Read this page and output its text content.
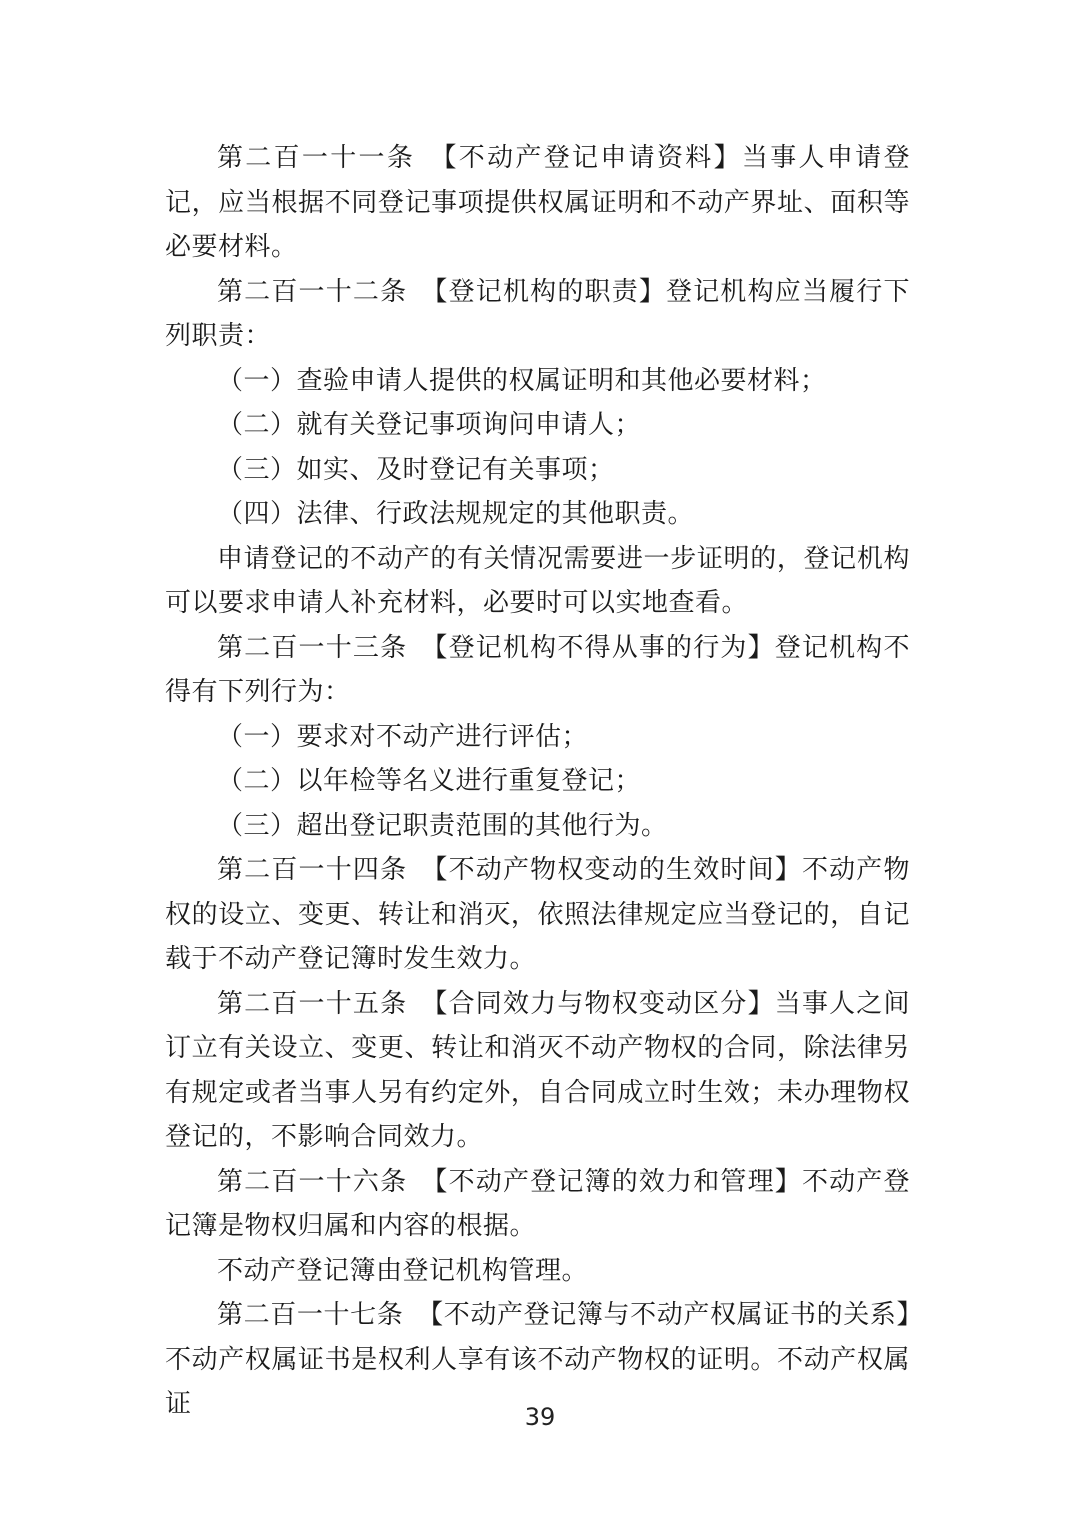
第二百一十一条　【不动产登记申请资料】当事人申请登记，应当根据不同登记事项提供权属证明和不动产界址、面积等必要材料。

第二百一十二条　【登记机构的职责】登记机构应当履行下列职责：

（一）查验申请人提供的权属证明和其他必要材料；

（二）就有关登记事项询问申请人；

（三）如实、及时登记有关事项；

（四）法律、行政法规规定的其他职责。

申请登记的不动产的有关情况需要进一步证明的，登记机构可以要求申请人补充材料，必要时可以实地查看。

第二百一十三条　【登记机构不得从事的行为】登记机构不得有下列行为：

（一）要求对不动产进行评估；

（二）以年检等名义进行重复登记；

（三）超出登记职责范围的其他行为。

第二百一十四条　【不动产物权变动的生效时间】不动产物权的设立、变更、转让和消灭，依照法律规定应当登记的，自记载于不动产登记簿时发生效力。

第二百一十五条　【合同效力与物权变动区分】当事人之间订立有关设立、变更、转让和消灭不动产物权的合同，除法律另有规定或者当事人另有约定外，自合同成立时生效；未办理物权登记的，不影响合同效力。

第二百一十六条　【不动产登记簿的效力和管理】不动产登记簿是物权归属和内容的根据。

不动产登记簿由登记机构管理。

第二百一十七条　【不动产登记簿与不动产权属证书的关系】不动产权属证书是权利人享有该不动产物权的证明。不动产权属证	39
